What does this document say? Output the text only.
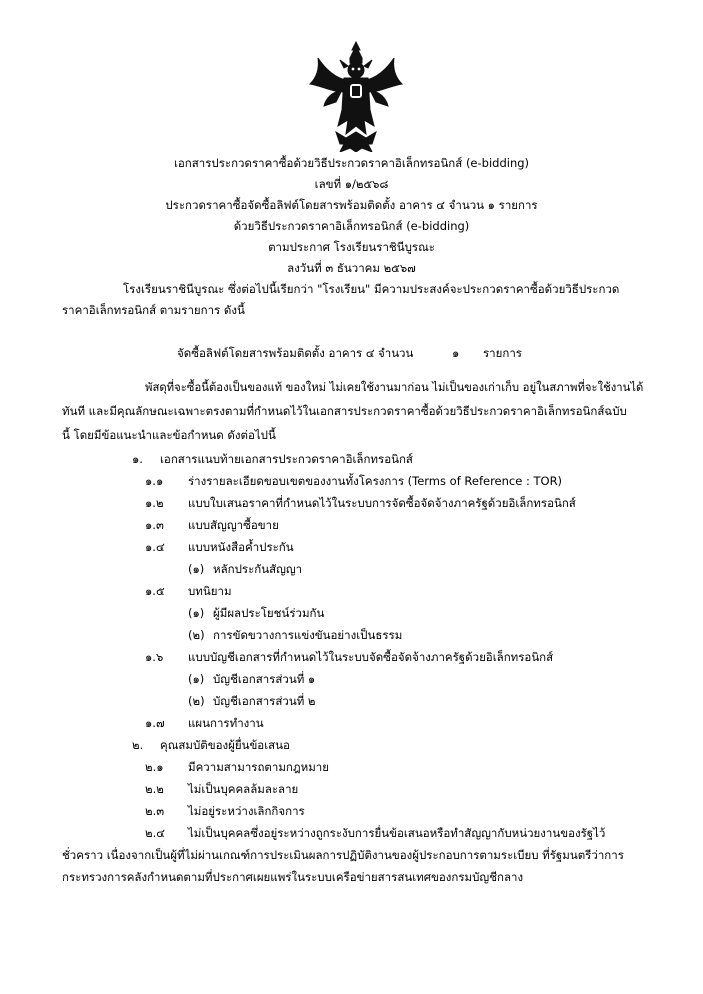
เอกสารประกวดราคาซื้อด้วยวิธีประกวดราคาอิเล็กทรอนิกส์ (e-bidding)
เลขที่ ๑/๒๕๖๘
ประกวดราคาซื้อจัดซื้อลิฟต์โดยสารพร้อมติดตั้ง อาคาร ๔ จำนวน ๑ รายการ
ด้วยวิธีประกวดราคาอิเล็กทรอนิกส์ (e-bidding)
ตามประกาศ โรงเรียนราชินีบูรณะ
ลงวันที่ ๓ ธันวาคม ๒๕๖๗
โรงเรียนราชินีบูรณะ ซึ่งต่อไปนี้เรียกว่า "โรงเรียน" มีความประสงค์จะประกวดราคาซื้อด้วยวิธีประกวด
ราคาอิเล็กทรอนิกส์ ตามรายการ ดังนี้
จัดซื้อลิฟต์โดยสารพร้อมติดตั้ง อาคาร ๔ จำนวน	๑ รายการ
พัสดุที่จะซื้อนี้ต้องเป็นของแท้ ของใหม่ ไม่เคยใช้งานมาก่อน ไม่เป็นของเก่าเก็บ อยู่ในสภาพที่จะใช้งานได้
ทันที และมีคุณลักษณะเฉพาะตรงตามที่กำหนดไว้ในเอกสารประกวดราคาซื้อด้วยวิธีประกวดราคาอิเล็กทรอนิกส์ฉบับ
นี้ โดยมีข้อแนะนำและข้อกำหนด ดังต่อไปนี้
๑. เอกสารแนบท้ายเอกสารประกวดราคาอิเล็กทรอนิกส์
๑.๑ ร่างรายละเอียดขอบเขตของงานทั้งโครงการ (Terms of Reference : TOR)
๑.๒ แบบใบเสนอราคาที่กำหนดไว้ในระบบการจัดซื้อจัดจ้างภาครัฐด้วยอิเล็กทรอนิกส์
๑.๓ แบบสัญญาซื้อขาย
๑.๔ แบบหนังสือค้ำประกัน
(๑) หลักประกันสัญญา
๑.๕ บทนิยาม
(๑) ผู้มีผลประโยชน์ร่วมกัน
(๒) การขัดขวางการแข่งขันอย่างเป็นธรรม
๑.๖ แบบบัญชีเอกสารที่กำหนดไว้ในระบบจัดซื้อจัดจ้างภาครัฐด้วยอิเล็กทรอนิกส์
(๑) บัญชีเอกสารส่วนที่ ๑
(๒) บัญชีเอกสารส่วนที่ ๒
๑.๗ แผนการทำงาน
๒. คุณสมบัติของผู้ยื่นข้อเสนอ
๒.๑ มีความสามารถตามกฎหมาย
๒.๒ ไม่เป็นบุคคลล้มละลาย
๒.๓ ไม่อยู่ระหว่างเลิกกิจการ
๒.๔ ไม่เป็นบุคคลซึ่งอยู่ระหว่างถูกระงับการยื่นข้อเสนอหรือทำสัญญากับหน่วยงานของรัฐไว้
ชั่วคราว เนื่องจากเป็นผู้ที่ไม่ผ่านเกณฑ์การประเมินผลการปฏิบัติงานของผู้ประกอบการตามระเบียบ ที่รัฐมนตรีว่าการ
กระทรวงการคลังกำหนดตามที่ประกาศเผยแพร่ในระบบเครือข่ายสารสนเทศของกรมบัญชีกลาง
